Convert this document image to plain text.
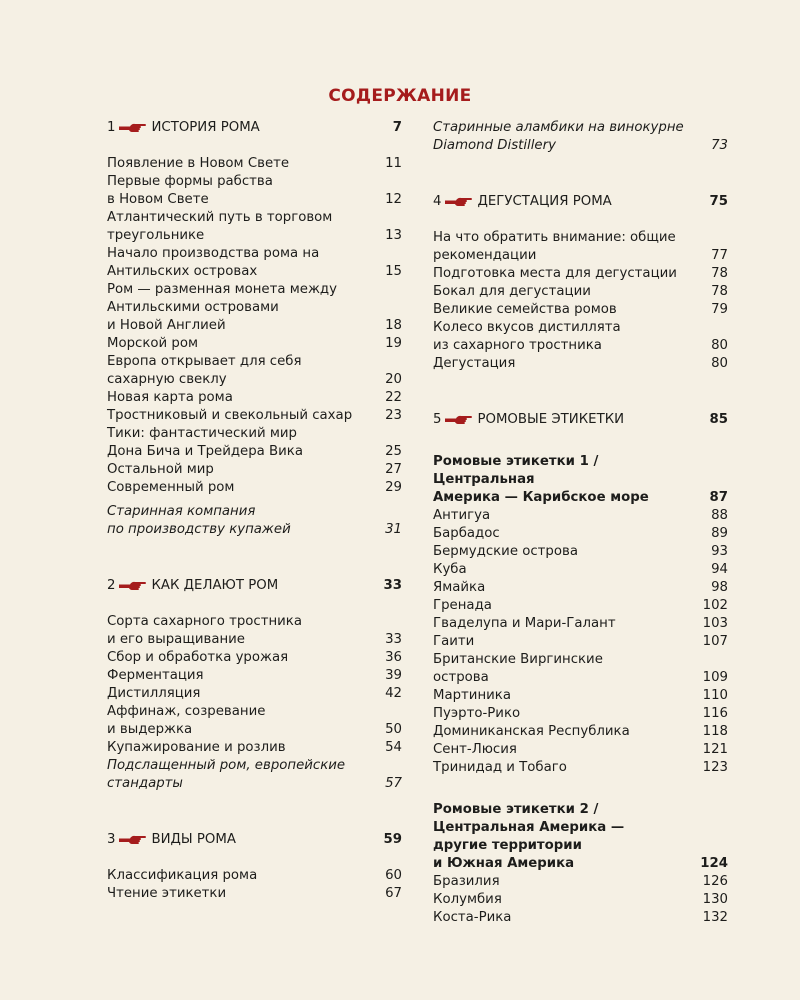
СОДЕРЖАНИЕ
1	ИСТОРИЯ РОМА	7
Появление в Новом Свете	11
Первые формы рабства
в Новом Свете	12
Атлантический путь в торговом
треугольнике	13
Начало производства рома на
Антильских островах	15
Ром — разменная монета между
Антильскими островами
и Новой Англией	18
Морской ром	19
Европа открывает для себя
сахарную свеклу	20
Новая карта рома	22
Тростниковый и свекольный сахар	23
Тики: фантастический мир
Дона Бича и Трейдера Вика	25
Остальной мир	27
Современный ром	29
Старинная компания
по производству купажей	31
2	КАК ДЕЛАЮТ РОМ	33
Сорта сахарного тростника
и его выращивание	33
Сбор и обработка урожая	36
Ферментация	39
Дистилляция	42
Аффинаж, созревание
и выдержка	50
Купажирование и розлив	54
Подслащенный ром, европейские
стандарты	57
3	ВИДЫ РОМА	59
Классификация рома	60
Чтение этикетки	67
Старинные аламбики на винокурне
Diamond Distillery	73
4	ДЕГУСТАЦИЯ РОМА	75
На что обратить внимание: общие
рекомендации	77
Подготовка места для дегустации	78
Бокал для дегустации	78
Великие семейства ромов	79
Колесо вкусов дистиллята
из сахарного тростника	80
Дегустация	80
5	РОМОВЫЕ ЭТИКЕТКИ	85
Ромовые этикетки 1 / Центральная
Америка — Карибское море	87
Антигуа	88
Барбадос	89
Бермудские острова	93
Куба	94
Ямайка	98
Гренада	102
Гваделупа и Мари-Галант	103
Гаити	107
Британские Виргинские
острова	109
Мартиника	110
Пуэрто-Рико	116
Доминиканская Республика	118
Сент-Люсия	121
Тринидад и Тобаго	123
Ромовые этикетки 2 /
Центральная Америка —
другие территории
и Южная Америка	124
Бразилия	126
Колумбия	130
Коста-Рика	132
